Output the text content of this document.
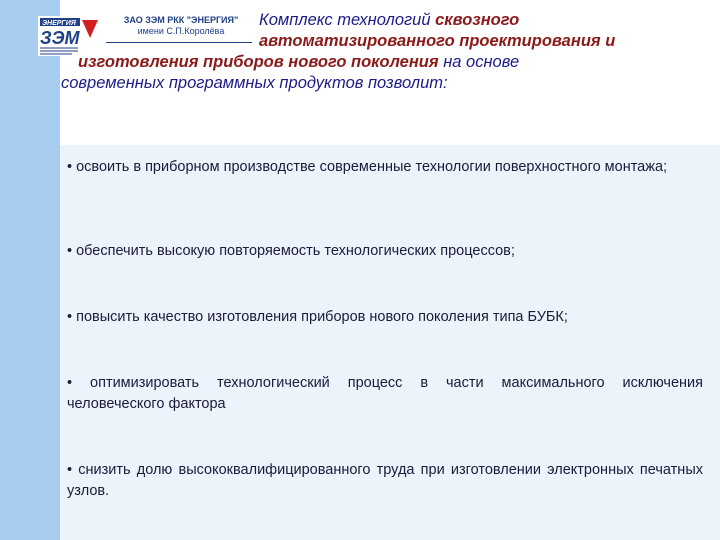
ЭНЕРГИЯ
ЗЭМ
ЗАО ЗЭМ РКК "ЭНЕРГИЯ"
имени С.П.Королёва
Комплекс технологий сквозного
автоматизированного проектирования и
изготовления приборов нового поколения на основе
современных программных продуктов позволит:
• освоить в приборном производстве современные технологии поверхностного монтажа;
• обеспечить высокую повторяемость технологических процессов;
• повысить качество изготовления приборов нового поколения типа БУБК;
• оптимизировать технологический процесс в части максимального исключения человеческого фактора
• снизить долю высококвалифицированного труда при изготовлении электронных печатных узлов.
